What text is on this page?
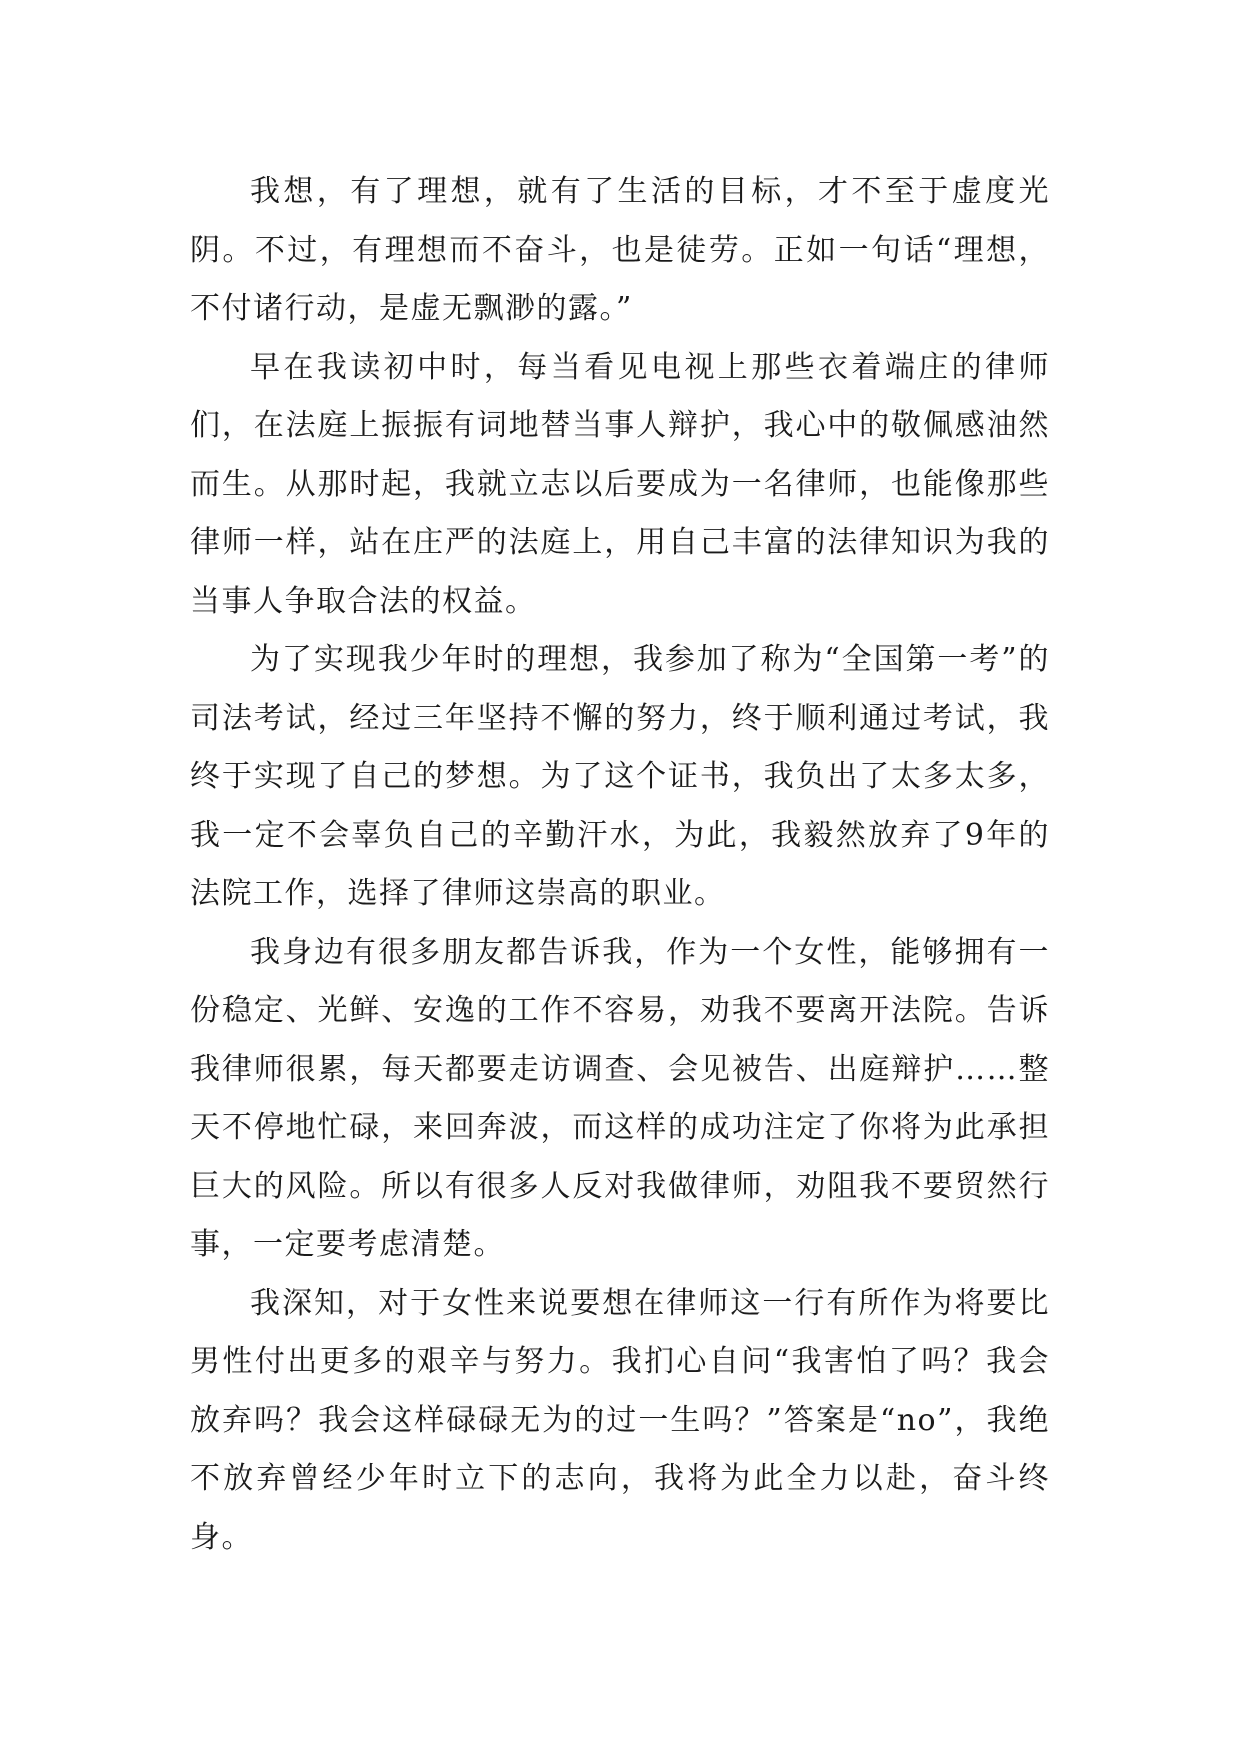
我想，有了理想，就有了生活的目标，才不至于虚度光阴。不过，有理想而不奋斗，也是徒劳。正如一句话“理想，不付诸行动，是虚无飘渺的露。”

早在我读初中时，每当看见电视上那些衣着端庄的律师们，在法庭上振振有词地替当事人辩护，我心中的敬佩感油然而生。从那时起，我就立志以后要成为一名律师，也能像那些律师一样，站在庄严的法庭上，用自己丰富的法律知识为我的当事人争取合法的权益。

为了实现我少年时的理想，我参加了称为“全国第一考”的司法考试，经过三年坚持不懈的努力，终于顺利通过考试，我终于实现了自己的梦想。为了这个证书，我负出了太多太多，我一定不会辜负自己的辛勤汗水，为此，我毅然放弃了9年的法院工作，选择了律师这崇高的职业。

我身边有很多朋友都告诉我，作为一个女性，能够拥有一份稳定、光鲜、安逸的工作不容易，劝我不要离开法院。告诉我律师很累，每天都要走访调查、会见被告、出庭辩护……整天不停地忙碌，来回奔波，而这样的成功注定了你将为此承担巨大的风险。所以有很多人反对我做律师，劝阻我不要贸然行事，一定要考虑清楚。

我深知，对于女性来说要想在律师这一行有所作为将要比男性付出更多的艰辛与努力。我扪心自问“我害怕了吗？我会放弃吗？我会这样碌碌无为的过一生吗？”答案是“no”，我绝不放弃曾经少年时立下的志向，我将为此全力以赴，奋斗终身。
